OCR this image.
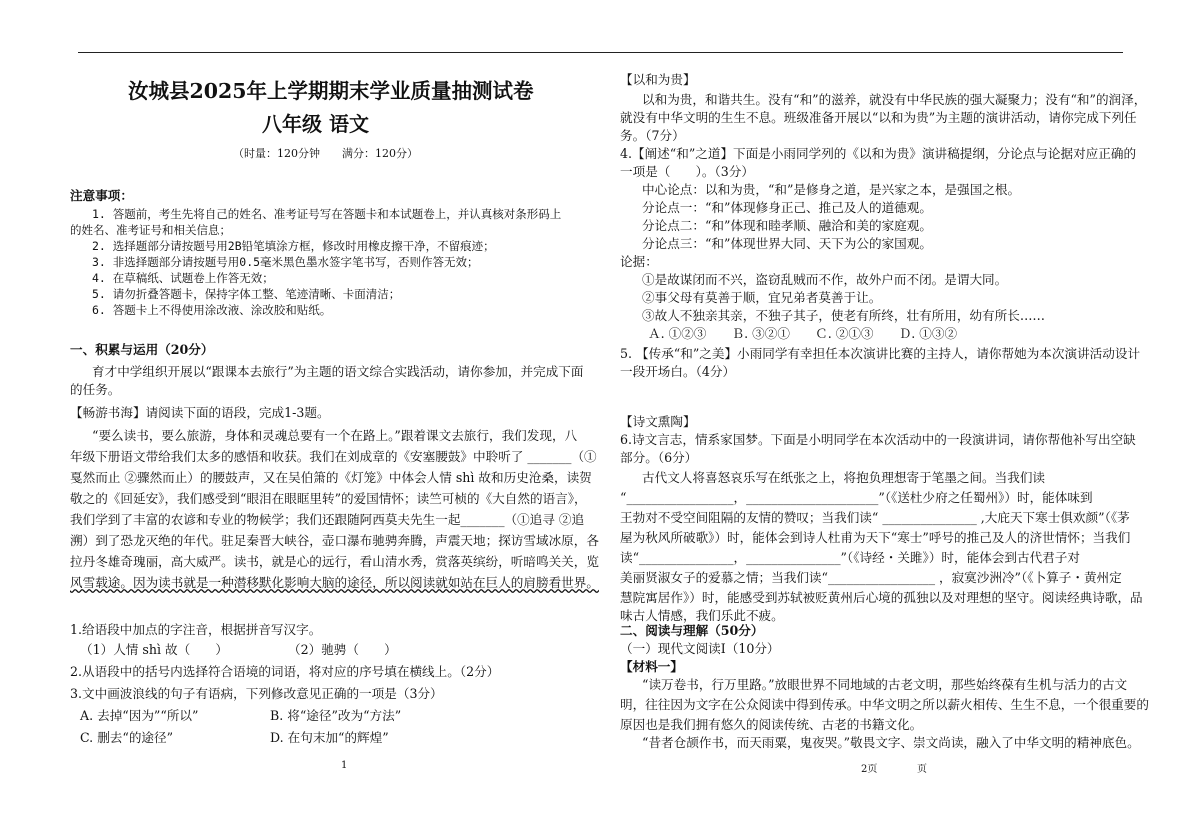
汝城县2025年上学期期末学业质量抽测试卷
八年级 语文
（时量：120分钟　　满分：120分）
注意事项：
1. 答题前，考生先将自己的姓名、准考证号写在答题卡和本试题卷上，并认真核对条形码上
的姓名、准考证号和相关信息；
2. 选择题部分请按题号用2B铅笔填涂方框，修改时用橡皮擦干净，不留痕迹；
3. 非选择题部分请按题号用0.5毫米黑色墨水签字笔书写，否则作答无效；
4. 在草稿纸、试题卷上作答无效；
5. 请勿折叠答题卡，保持字体工整、笔迹清晰、卡面清洁；
6. 答题卡上不得使用涂改液、涂改胶和贴纸。
一、积累与运用（20分）
育才中学组织开展以“跟课本去旅行”为主题的语文综合实践活动，请你参加，并完成下面
的任务。
【畅游书海】请阅读下面的语段，完成1-3题。
“要么读书，要么旅游，身体和灵魂总要有一个在路上。”跟着课文去旅行，我们发现，八
年级下册语文带给我们太多的感悟和收获。我们在刘成章的《安塞腰鼓》中聆听了 _______（①
戛然而止 ②骤然而止）的腰鼓声，又在吴伯箫的《灯笼》中体会人情 shì 故和历史沧桑，读贺
敬之的《回延安》，我们感受到“眼泪在眼眶里转”的爱国情怀；读竺可桢的《大自然的语言》，
我们学到了丰富的农谚和专业的物候学；我们还跟随阿西莫夫先生一起_______（①追寻 ②追
溯）到了恐龙灭绝的年代。驻足秦晋大峡谷，壶口瀑布驰骋奔腾，声震天地；探访雪域冰原，各
拉丹冬雄奇瑰丽，高大威严。读书，就是心的远行，看山清水秀，赏落英缤纷，听暗鸣关关，览
风雪载途。因为读书就是一种潜移默化影响大脑的途径，所以阅读就如站在巨人的肩膀看世界。
1.给语段中加点的字注音，根据拼音写汉字。
（1）人情 shì 故（　　）	（2）驰骋（　　）
2.从语段中的括号内选择符合语境的词语，将对应的序号填在横线上。（2分）
3.文中画波浪线的句子有语病，下列修改意见正确的一项是（3分）
A. 去掉“因为”“所以”	B. 将“途径”改为“方法”
C. 删去“的途径”	D. 在句末加“的辉煌”
1
【以和为贵】
以和为贵，和谐共生。没有“和”的滋养，就没有中华民族的强大凝聚力；没有“和”的润泽，
就没有中华文明的生生不息。班级准备开展以“以和为贵”为主题的演讲活动，请你完成下列任
务。（7分）
4.【阐述“和”之道】下面是小雨同学列的《以和为贵》演讲稿提纲，分论点与论据对应正确的
一项是（　　）。（3分）
中心论点：以和为贵，“和”是修身之道，是兴家之本，是强国之根。
分论点一：“和”体现修身正己、推己及人的道德观。
分论点二：“和”体现和睦孝顺、融洽和美的家庭观。
分论点三：“和”体现世界大同、天下为公的家国观。
论据：
①是故谋闭而不兴，盗窃乱贼而不作，故外户而不闭。是谓大同。
②事父母有莫善于顺，宜兄弟者莫善于让。
③故人不独亲其亲，不独子其子，使老有所终，壮有所用，幼有所长……
Ａ. ①②③　　Ｂ. ③②①　　Ｃ. ②①③　　Ｄ. ①③②
5. 【传承“和”之美】小雨同学有幸担任本次演讲比赛的主持人，请你帮她为本次演讲活动设计
一段开场白。（4分）
【诗文熏陶】
6.诗文言志，情系家国梦。下面是小明同学在本次活动中的一段演讲词，请你帮他补写出空缺
部分。（6分）
古代文人将喜怒哀乐写在纸张之上，将抱负理想寄于笔墨之间。当我们读
“_________________，_____________________”（《送杜少府之任蜀州》）时，能体味到
王勃对不受空间阻隔的友情的赞叹；当我们读“ _______________ ,大庇天下寒士俱欢颜”（《茅
屋为秋风所破歌》）时，能体会到诗人杜甫为天下“寒士”呼号的推己及人的济世情怀；当我们
读“_______________，_______________”（《诗经・关雎》）时，能体会到古代君子对
美丽贤淑女子的爱慕之情；当我们读“_________________ ，寂寞沙洲冷”（《卜算子・黄州定
慧院寓居作》）时，能感受到苏轼被贬黄州后心境的孤独以及对理想的坚守。阅读经典诗歌，品
味古人情感，我们乐此不疲。
二、阅读与理解（50分）
（一）现代文阅读Ⅰ（10分）
【材料一】
“读万卷书，行万里路。”放眼世界不同地域的古老文明，那些始终葆有生机与活力的古文
明，往往因为文字在公众阅读中得到传承。中华文明之所以薪火相传、生生不息，一个很重要的
原因也是我们拥有悠久的阅读传统、古老的书籍文化。
“昔者仓颉作书，而天雨粟，鬼夜哭。”敬畏文字、崇文尚读，融入了中华文明的精神底色。
2页	页
